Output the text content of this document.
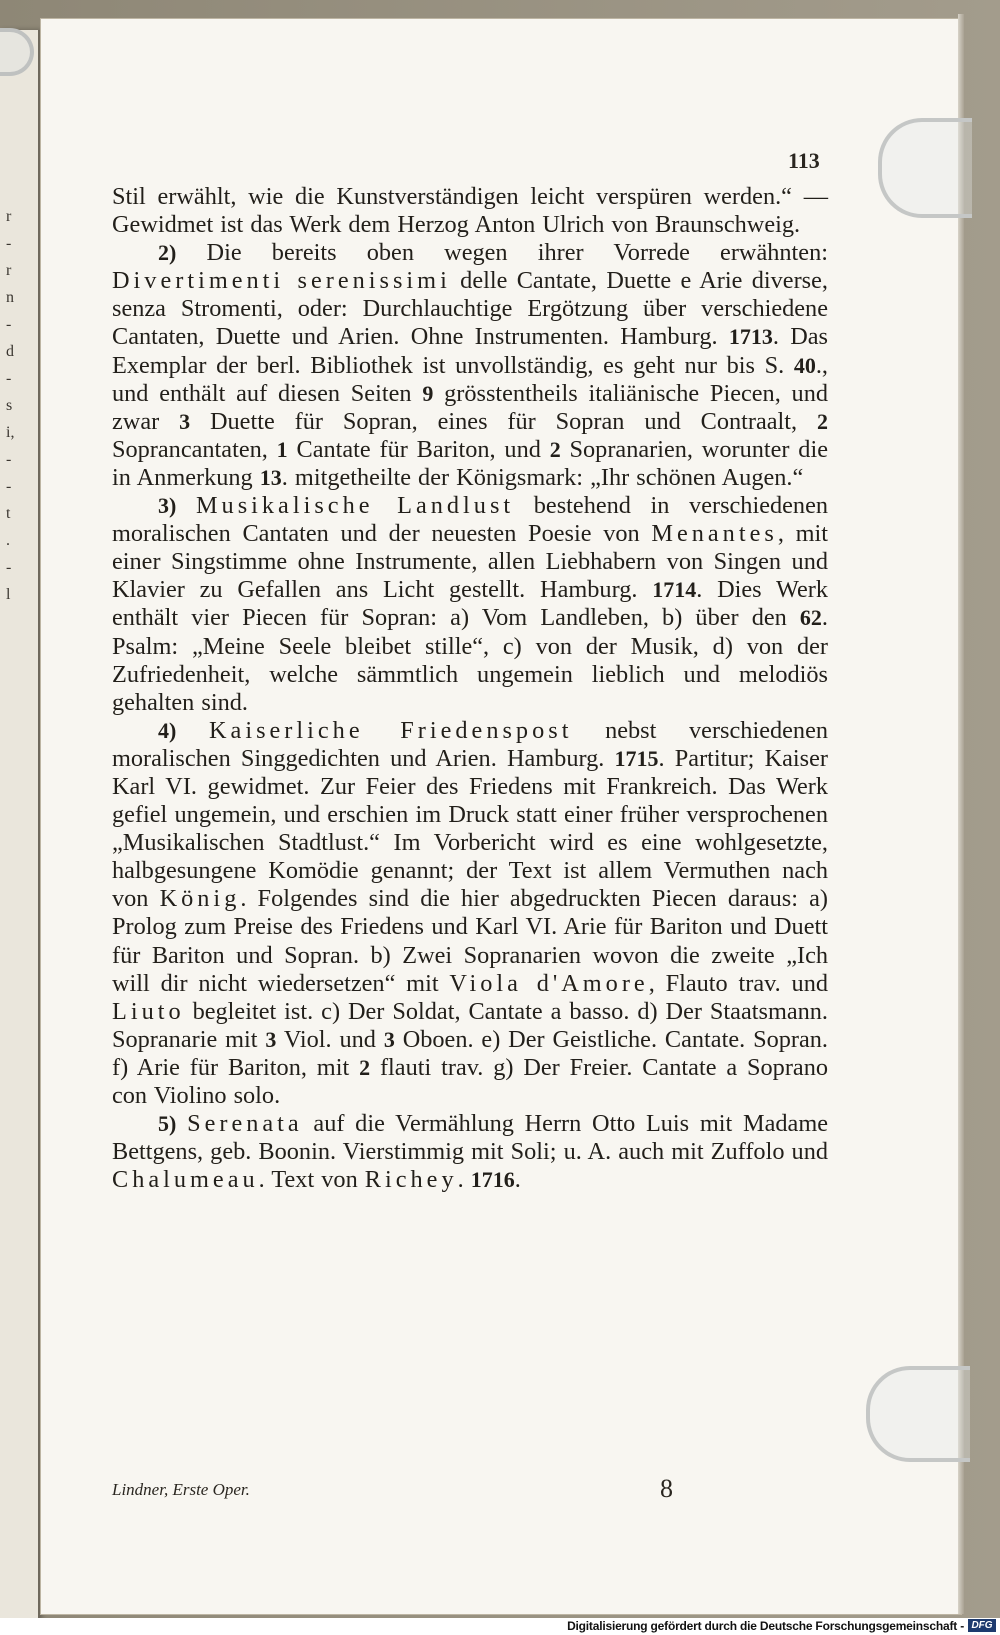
r
-
r
n
-
d
-
s
i,
-
-
t
.
-
l
113

Stil erwählt, wie die Kunstverständigen leicht verspüren werden.“ — Gewidmet ist das Werk dem Herzog Anton Ulrich von Braunschweig.

2) Die bereits oben wegen ihrer Vorrede erwähnten: Divertimenti serenissimi delle Cantate, Duette e Arie diverse, senza Stromenti, oder: Durchlauchtige Ergötzung über verschiedene Cantaten, Duette und Arien. Ohne Instrumenten. Hamburg. 1713. Das Exemplar der berl. Bibliothek ist unvollständig, es geht nur bis S. 40., und enthält auf diesen Seiten 9 grösstentheils italiänische Piecen, und zwar 3 Duette für Sopran, eines für Sopran und Contraalt, 2 Soprancantaten, 1 Cantate für Bariton, und 2 Sopranarien, worunter die in Anmerkung 13. mitgetheilte der Königsmark: „Ihr schönen Augen.“

3) Musikalische Landlust bestehend in verschiedenen moralischen Cantaten und der neuesten Poesie von Menantes, mit einer Singstimme ohne Instrumente, allen Liebhabern von Singen und Klavier zu Gefallen ans Licht gestellt. Hamburg. 1714. Dies Werk enthält vier Piecen für Sopran: a) Vom Landleben, b) über den 62. Psalm: „Meine Seele bleibet stille“, c) von der Musik, d) von der Zufriedenheit, welche sämmtlich ungemein lieblich und melodiös gehalten sind.

4) Kaiserliche Friedenspost nebst verschiedenen moralischen Singgedichten und Arien. Hamburg. 1715. Partitur; Kaiser Karl VI. gewidmet. Zur Feier des Friedens mit Frankreich. Das Werk gefiel ungemein, und erschien im Druck statt einer früher versprochenen „Musikalischen Stadtlust.“ Im Vorbericht wird es eine wohlgesetzte, halbgesungene Komödie genannt; der Text ist allem Vermuthen nach von König. Folgendes sind die hier abgedruckten Piecen daraus: a) Prolog zum Preise des Friedens und Karl VI. Arie für Bariton und Duett für Bariton und Sopran. b) Zwei Sopranarien wovon die zweite „Ich will dir nicht wiedersetzen“ mit Viola d'Amore, Flauto trav. und Liuto begleitet ist. c) Der Soldat, Cantate a basso. d) Der Staatsmann. Sopranarie mit 3 Viol. und 3 Oboen. e) Der Geistliche. Cantate. Sopran. f) Arie für Bariton, mit 2 flauti trav. g) Der Freier. Cantate a Soprano con Violino solo.

5) Serenata auf die Vermählung Herrn Otto Luis mit Madame Bettgens, geb. Boonin. Vierstimmig mit Soli; u. A. auch mit Zuffolo und Chalumeau. Text von Richey. 1716.

Lindner, Erste Oper.	8
Digitalisierung gefördert durch die Deutsche Forschungsgemeinschaft - DFG
